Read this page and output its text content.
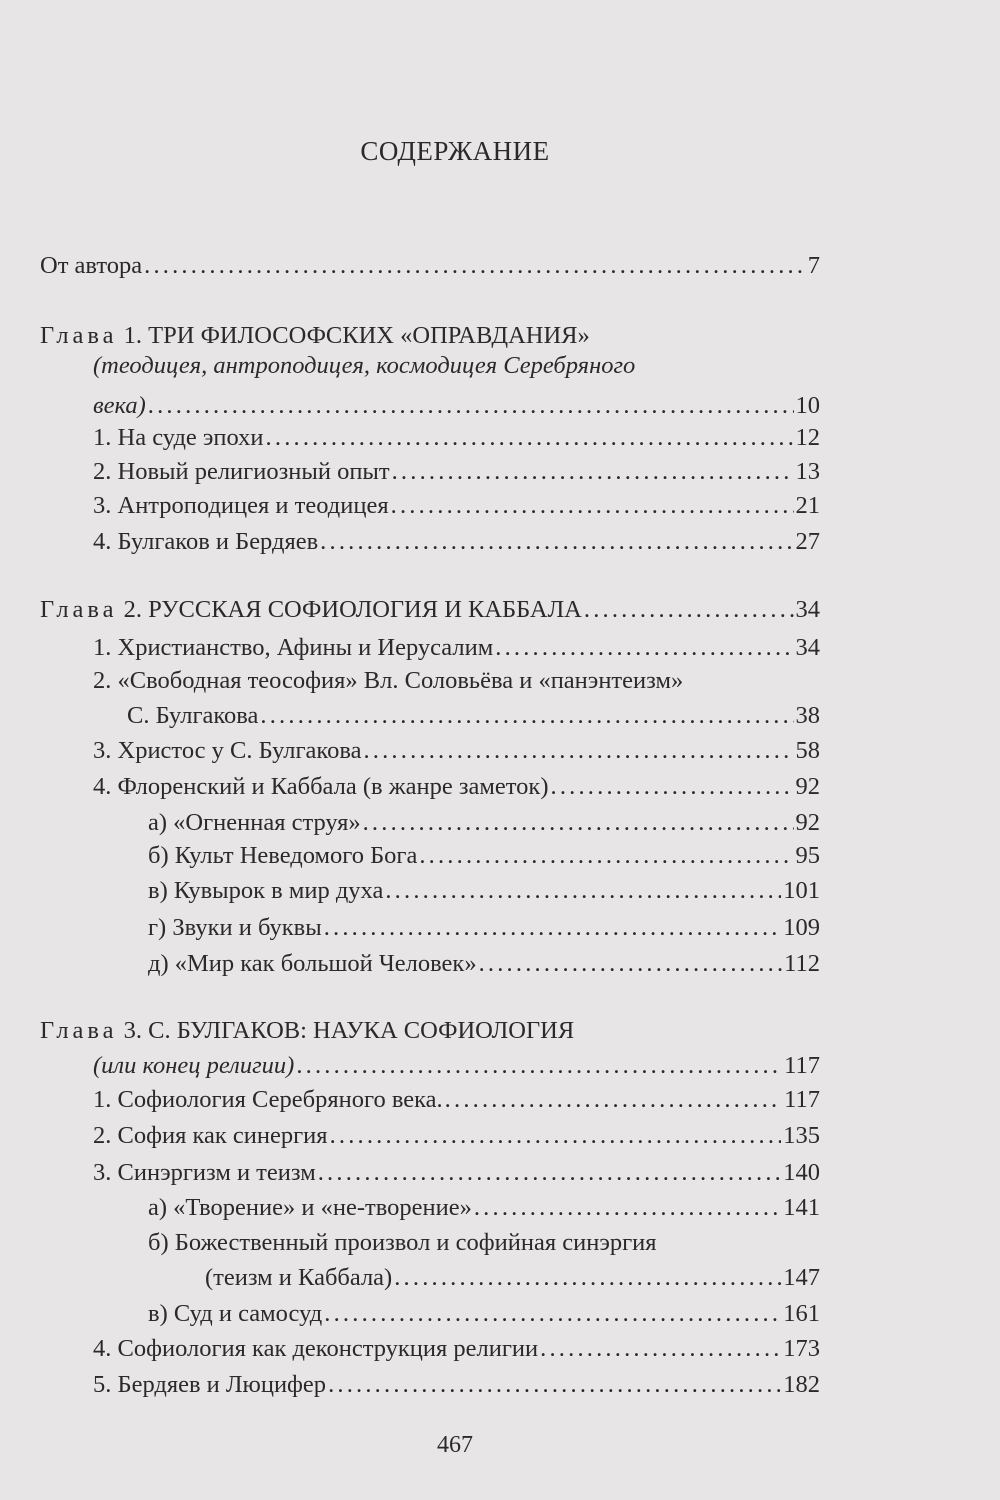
СОДЕРЖАНИЕ
От автора .....	7
Глава 1. ТРИ ФИЛОСОФСКИХ «ОПРАВДАНИЯ»
(теодицея, антроподицея, космодицея Серебряного
века) .....	10
1. На суде эпохи .....	12
2. Новый религиозный опыт .....	13
3. Антроподицея и теодицея .....	21
4. Булгаков и Бердяев .....	27
Глава 2. РУССКАЯ СОФИОЛОГИЯ И КАББАЛА .....	34
1. Христианство, Афины и Иерусалим .....	34
2. «Свободная теософия» Вл. Соловьёва и «панэнтеизм»
С. Булгакова .....	38
3. Христос у С. Булгакова .....	58
4. Флоренский и Каббала (в жанре заметок) .....	92
а) «Огненная струя» .....	92
б) Культ Неведомого Бога .....	95
в) Кувырок в мир духа .....	101
г) Звуки и буквы .....	109
д) «Мир как большой Человек» .....	112
Глава 3. С. БУЛГАКОВ: НАУКА СОФИОЛОГИЯ
(или конец религии) .....	117
1. Софиология Серебряного века. .....	117
2. София как синергия .....	135
3. Синэргизм и теизм .....	140
а) «Творение» и «не-творение» .....	141
б) Божественный произвол и софийная синэргия
(теизм и Каббала) .....	147
в) Суд и самосуд .....	161
4. Софиология как деконструкция религии .....	173
5. Бердяев и Люцифер .....	182
467
